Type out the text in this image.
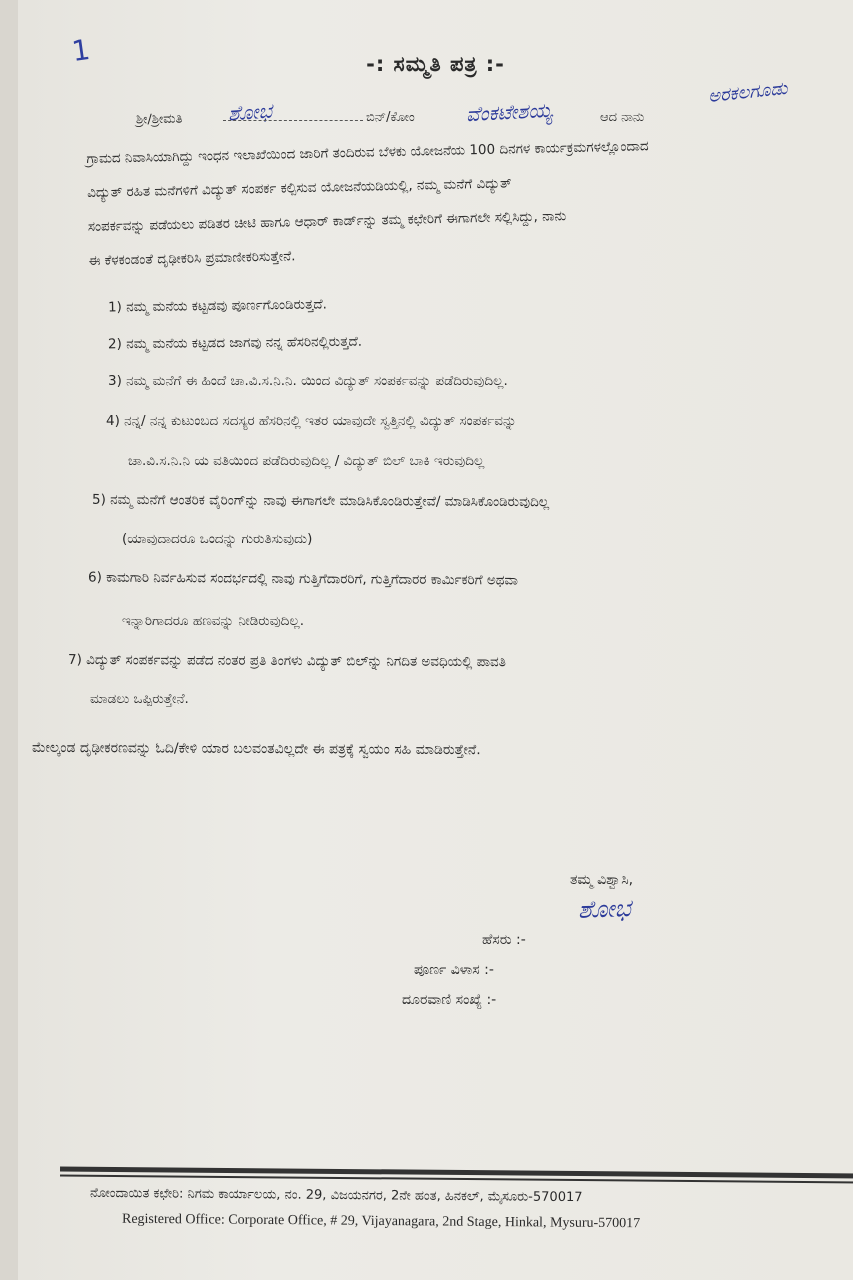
1	-: ಸಮ್ಮತಿ ಪತ್ರ :-
ಶ್ರೀ/ಶ್ರೀಮತಿ ಶೋಭ	ಬಿನ್/ಕೋಂ	ವೆಂಕಟೇಶಯ್ಯ	ಆದ ನಾನು
ಅರಕಲಗೂಡು
ಗ್ರಾಮದ ನಿವಾಸಿಯಾಗಿದ್ದು ಇಂಧನ ಇಲಾಖೆಯಿಂದ ಜಾರಿಗೆ ತಂದಿರುವ ಬೆಳಕು ಯೋಜನೆಯ 100 ದಿನಗಳ ಕಾರ್ಯಕ್ರಮಗಳಲ್ಲೊಂದಾದ
ವಿದ್ಯುತ್ ರಹಿತ ಮನೆಗಳಿಗೆ ವಿದ್ಯುತ್ ಸಂಪರ್ಕ ಕಲ್ಪಿಸುವ ಯೋಜನೆಯಡಿಯಲ್ಲಿ, ನಮ್ಮ ಮನೆಗೆ ವಿದ್ಯುತ್
ಸಂಪರ್ಕವನ್ನು ಪಡೆಯಲು ಪಡಿತರ ಚೀಟಿ ಹಾಗೂ ಆಧಾರ್ ಕಾರ್ಡ್‌ನ್ನು ತಮ್ಮ ಕಛೇರಿಗೆ ಈಗಾಗಲೇ ಸಲ್ಲಿಸಿದ್ದು, ನಾನು
ಈ ಕೆಳಕಂಡಂತೆ ದೃಢೀಕರಿಸಿ ಪ್ರಮಾಣೀಕರಿಸುತ್ತೇನೆ.
1) ನಮ್ಮ ಮನೆಯ ಕಟ್ಟಡವು ಪೂರ್ಣಗೊಂಡಿರುತ್ತದೆ.
2) ನಮ್ಮ ಮನೆಯ ಕಟ್ಟಡದ ಜಾಗವು ನನ್ನ ಹೆಸರಿನಲ್ಲಿರುತ್ತದೆ.
3) ನಮ್ಮ ಮನೆಗೆ ಈ ಹಿಂದೆ ಚಾ.ವಿ.ಸ.ನಿ.ನಿ. ಯಿಂದ ವಿದ್ಯುತ್ ಸಂಪರ್ಕವನ್ನು ಪಡೆದಿರುವುದಿಲ್ಲ.
4) ನನ್ನ/ ನನ್ನ ಕುಟುಂಬದ ಸದಸ್ಯರ ಹೆಸರಿನಲ್ಲಿ ಇತರ ಯಾವುದೇ ಸ್ವತ್ತಿನಲ್ಲಿ ವಿದ್ಯುತ್ ಸಂಪರ್ಕವನ್ನು
ಚಾ.ವಿ.ಸ.ನಿ.ನಿ ಯ ವತಿಯಿಂದ ಪಡೆದಿರುವುದಿಲ್ಲ / ವಿದ್ಯುತ್ ಬಿಲ್ ಬಾಕಿ ಇರುವುದಿಲ್ಲ
5) ನಮ್ಮ ಮನೆಗೆ ಆಂತರಿಕ ವೈರಿಂಗ್‌ನ್ನು ನಾವು ಈಗಾಗಲೇ ಮಾಡಿಸಿಕೊಂಡಿರುತ್ತೇವೆ/ ಮಾಡಿಸಿಕೊಂಡಿರುವುದಿಲ್ಲ
(ಯಾವುದಾದರೂ ಒಂದನ್ನು ಗುರುತಿಸುವುದು)
6) ಕಾಮಗಾರಿ ನಿರ್ವಹಿಸುವ ಸಂದರ್ಭದಲ್ಲಿ ನಾವು ಗುತ್ತಿಗೆದಾರರಿಗೆ, ಗುತ್ತಿಗೆದಾರರ ಕಾರ್ಮಿಕರಿಗೆ ಅಥವಾ
ಇನ್ನಾರಿಗಾದರೂ ಹಣವನ್ನು ನೀಡಿರುವುದಿಲ್ಲ.
7) ವಿದ್ಯುತ್ ಸಂಪರ್ಕವನ್ನು ಪಡೆದ ನಂತರ ಪ್ರತಿ ತಿಂಗಳು ವಿದ್ಯುತ್ ಬಿಲ್‌ನ್ನು ನಿಗದಿತ ಅವಧಿಯಲ್ಲಿ ಪಾವತಿ
ಮಾಡಲು ಒಪ್ಪಿರುತ್ತೇನೆ.
ಮೇಲ್ಕಂಡ ದೃಢೀಕರಣವನ್ನು ಓದಿ/ಕೇಳಿ ಯಾರ ಬಲವಂತವಿಲ್ಲದೇ ಈ ಪತ್ರಕ್ಕೆ ಸ್ವಯಂ ಸಹಿ ಮಾಡಿರುತ್ತೇನೆ.
ತಮ್ಮ ವಿಶ್ವಾಸಿ,
ಶೋಭ
ಹೆಸರು :-
ಪೂರ್ಣ ವಿಳಾಸ :-
ದೂರವಾಣಿ ಸಂಖ್ಯೆ :-
ನೋಂದಾಯಿತ ಕಛೇರಿ: ನಿಗಮ ಕಾರ್ಯಾಲಯ, ನಂ. 29, ವಿಜಯನಗರ, 2ನೇ ಹಂತ, ಹಿನಕಲ್, ಮೈಸೂರು-570017
Registered Office: Corporate Office, # 29, Vijayanagara, 2nd Stage, Hinkal, Mysuru-570017
